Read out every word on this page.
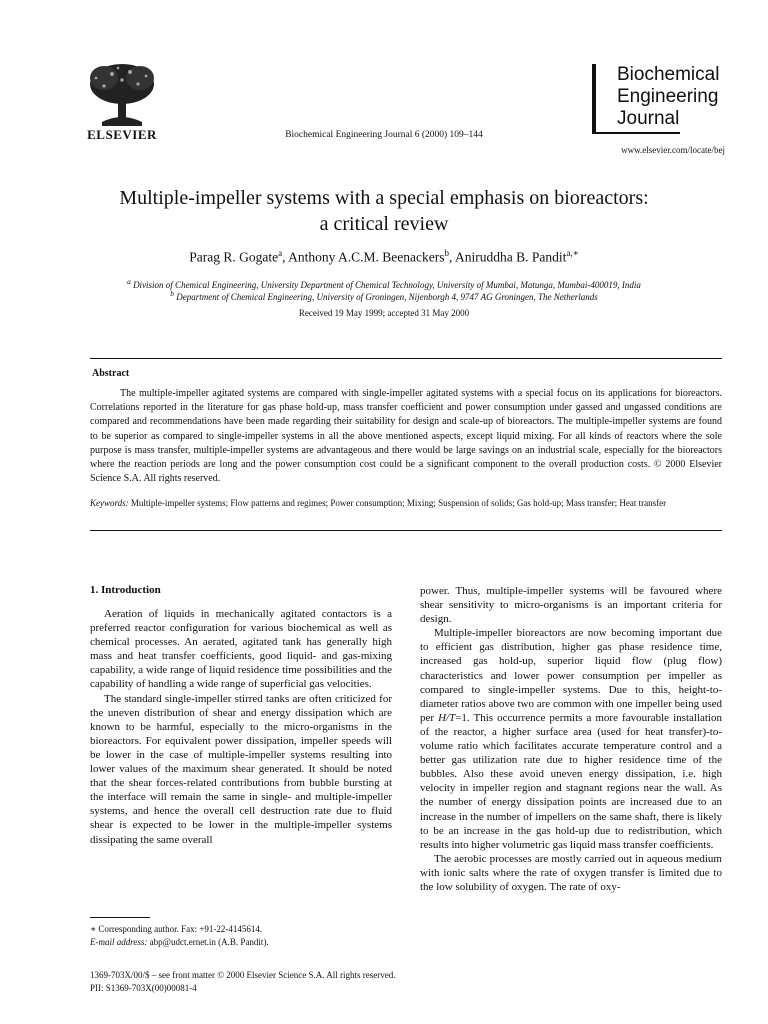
ELSEVIER	Biochemical Engineering Journal 6 (2000) 109–144
Biochemical
Engineering
Journal
www.elsevier.com/locate/bej
Multiple-impeller systems with a special emphasis on bioreactors:
a critical review
Parag R. Gogate$^a$, Anthony A.C.M. Beenackers$^b$, Aniruddha B. Pandit$^{a,∗}$
$^a$ Division of Chemical Engineering, University Department of Chemical Technology, University of Mumbai, Matunga, Mumbai-400019, India
$^b$ Department of Chemical Engineering, University of Groningen, Nijenborgh 4, 9747 AG Groningen, The Netherlands
Received 19 May 1999; accepted 31 May 2000
Abstract
The multiple-impeller agitated systems are compared with single-impeller agitated systems with a special focus on its applications for bioreactors. Correlations reported in the literature for gas phase hold-up, mass transfer coefficient and power consumption under gassed and ungassed conditions are compared and recommendations have been made regarding their suitability for design and scale-up of bioreactors. The multiple-impeller systems are found to be superior as compared to single-impeller systems in all the above mentioned aspects, except liquid mixing. For all kinds of reactors where the sole purpose is mass transfer, multiple-impeller systems are advantageous and there would be large savings on an industrial scale, especially for the bioreactors where the reaction periods are long and the power consumption cost could be a significant component to the overall production costs. © 2000 Elsevier Science S.A. All rights reserved.
Keywords: Multiple-impeller systems; Flow patterns and regimes; Power consumption; Mixing; Suspension of solids; Gas hold-up; Mass transfer; Heat transfer
1. Introduction

Aeration of liquids in mechanically agitated contactors is a preferred reactor configuration for various biochemical as well as chemical processes. An aerated, agitated tank has generally high mass and heat transfer coefficients, good liquid- and gas-mixing capability, a wide range of liquid residence time possibilities and the capability of handling a wide range of superficial gas velocities.

The standard single-impeller stirred tanks are often criticized for the uneven distribution of shear and energy dissipation which are known to be harmful, especially to the micro-organisms in the bioreactors. For equivalent power dissipation, impeller speeds will be lower in the case of multiple-impeller systems resulting into lower values of the maximum shear generated. It should be noted that the shear forces-related contributions from bubble bursting at the interface will remain the same in single- and multiple-impeller systems, and hence the overall cell destruction rate due to fluid shear is expected to be lower in the multiple-impeller systems dissipating the same overall

power. Thus, multiple-impeller systems will be favoured where shear sensitivity to micro-organisms is an important criteria for design.

Multiple-impeller bioreactors are now becoming important due to efficient gas distribution, higher gas phase residence time, increased gas hold-up, superior liquid flow (plug flow) characteristics and lower power consumption per impeller as compared to single-impeller systems. Due to this, height-to-diameter ratios above two are common with one impeller being used per H/T=1. This occurrence permits a more favourable installation of the reactor, a higher surface area (used for heat transfer)-to-volume ratio which facilitates accurate temperature control and a better gas utilization rate due to higher residence time of the bubbles. Also these avoid uneven energy dissipation, i.e. high velocity in impeller region and stagnant regions near the wall. As the number of energy dissipation points are increased due to an increase in the number of impellers on the same shaft, there is likely to be an increase in the gas hold-up due to redistribution, which results into higher volumetric gas liquid mass transfer coefficients.

The aerobic processes are mostly carried out in aqueous medium with ionic salts where the rate of oxygen transfer is limited due to the low solubility of oxygen. The rate of oxy-

∗ Corresponding author. Fax: +91-22-4145614.
E-mail address: abp@udct.ernet.in (A.B. Pandit).
1369-703X/00/$ – see front matter © 2000 Elsevier Science S.A. All rights reserved.
PII: S1369-703X(00)00081-4
